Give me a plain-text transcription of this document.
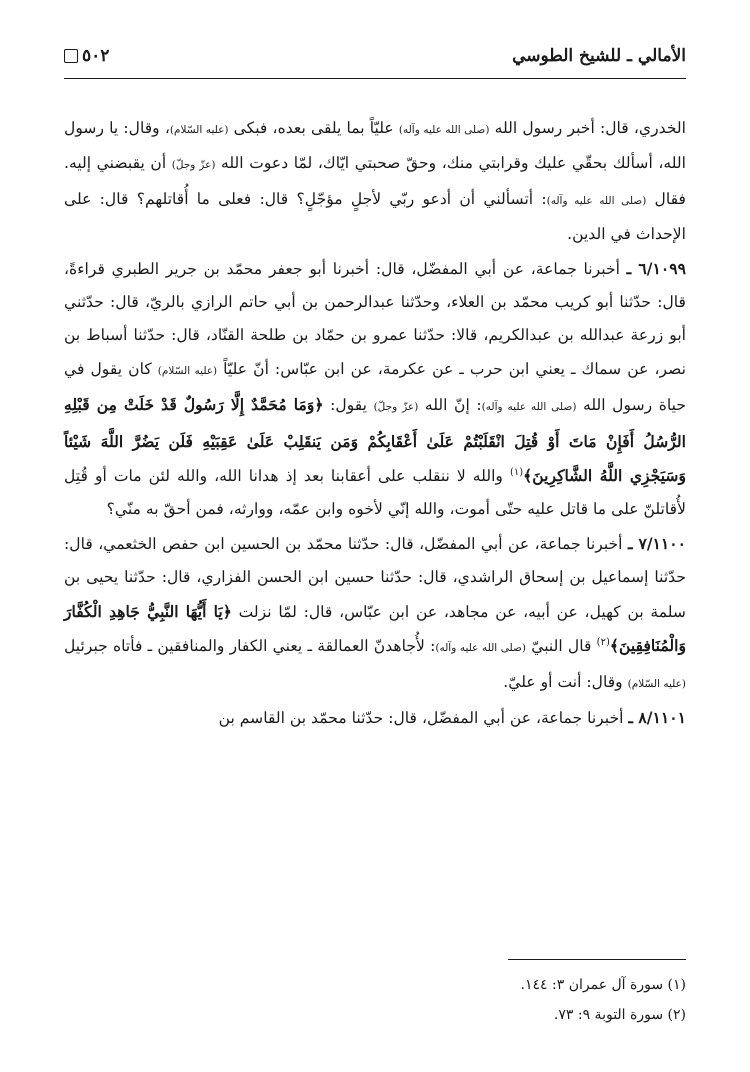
الأمالي ـ للشيخ الطوسي
٥٠٢

الخدري، قال: أخبر رسول الله (صلى الله عليه وآله) عليّاً بما يلقى بعده، فبكى (عليه السّلام)، وقال: يا رسول الله، أسألك بحقّي عليك وقرابتي منك، وحقّ صحبتي ايّاك، لمّا دعوت الله (عزّ وجلّ) أن يقبضني إليه. فقال (صلى الله عليه وآله): أتسألني أن أدعو ربّي لأجلٍ مؤجّلٍ؟ قال: فعلى ما أُقاتلهم؟ قال: على الإحداث في الدين.

٦/١٠٩٩ ـ أخبرنا جماعة، عن أبي المفضّل، قال: أخبرنا أبو جعفر محمّد بن جرير الطبري قراءةً، قال: حدّثنا أبو كريب محمّد بن العلاء، وحدّثنا عبدالرحمن بن أبي حاتم الرازي بالريّ، قال: حدّثني أبو زرعة عبدالله بن عبدالكريم، قالا: حدّثنا عمرو بن حمّاد بن طلحة القنّاد، قال: حدّثنا أسباط بن نصر، عن سماك ـ يعني ابن حرب ـ عن عكرمة، عن ابن عبّاس: أنّ عليّاً (عليه السّلام) كان يقول في حياة رسول الله (صلى الله عليه وآله): إنّ الله (عزّ وجلّ) يقول: ﴿وَمَا مُحَمَّدٌ إِلَّا رَسُولٌ قَدْ خَلَتْ مِن قَبْلِهِ الرُّسُلُ أَفَإِنْ مَاتَ أَوْ قُتِلَ انْقَلَبْتُمْ عَلَىٰ أَعْقَابِكُمْ وَمَن يَنقَلِبْ عَلَىٰ عَقِبَيْهِ فَلَن يَضُرَّ اللَّهَ شَيْئاً وَسَيَجْزِي اللَّهُ الشَّاكِرِينَ﴾$^{(١)}$ والله لا ننقلب على أعقابنا بعد إذ هدانا الله، والله لئن مات أو قُتِل لأُقاتلنّ على ما قاتل عليه حتّى أموت، والله إنّي لأخوه وابن عمّه، ووارثه، فمن أحقّ به منّي؟

٧/١١٠٠ ـ أخبرنا جماعة، عن أبي المفضّل، قال: حدّثنا محمّد بن الحسين ابن حفص الخثعمي، قال: حدّثنا إسماعيل بن إسحاق الراشدي، قال: حدّثنا حسين ابن الحسن الفزاري، قال: حدّثنا يحيى بن سلمة بن كهيل، عن أبيه، عن مجاهد، عن ابن عبّاس، قال: لمّا نزلت ﴿يَا أَيُّهَا النَّبِيُّ جَاهِدِ الْكُفَّارَ وَالْمُنَافِقِينَ﴾$^{(٢)}$ قال النبيّ (صلى الله عليه وآله): لأُجاهدنّ العمالقة ـ يعني الكفار والمنافقين ـ فأتاه جبرئيل (عليه السّلام) وقال: أنت أو عليّ.

٨/١١٠١ ـ أخبرنا جماعة، عن أبي المفضّل، قال: حدّثنا محمّد بن القاسم بن

(١) سورة آل عمران ٣: ١٤٤.
(٢) سورة التوبة ٩: ٧٣.
